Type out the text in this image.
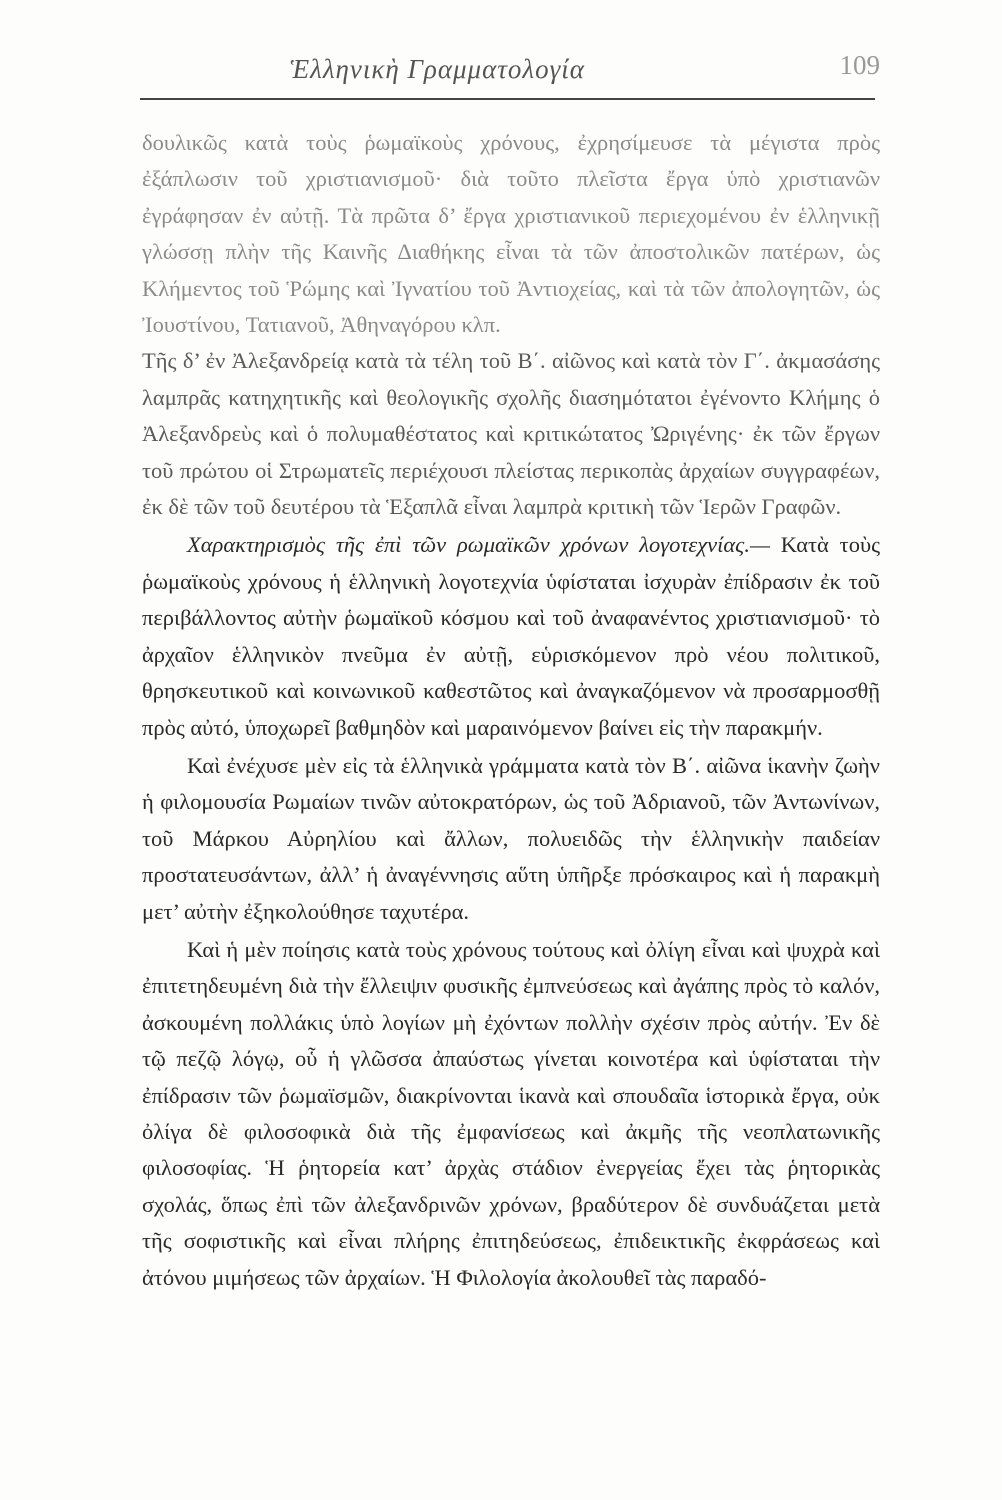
Ἑλληνικὴ Γραμματολογία	109

δουλικῶς κατὰ τοὺς ῥωμαϊκοὺς χρόνους, ἐχρησίμευσε τὰ μέγιστα πρὸς ἐξάπλωσιν τοῦ χριστιανισμοῦ· διὰ τοῦτο πλεῖστα ἔργα ὑπὸ χριστιανῶν ἐγράφησαν ἐν αὐτῇ. Τὰ πρῶτα δ’ ἔργα χριστιανικοῦ περιεχομένου ἐν ἑλληνικῇ γλώσσῃ πλὴν τῆς Καινῆς Διαθήκης εἶναι τὰ τῶν ἀποστολικῶν πατέρων, ὡς Κλήμεντος τοῦ Ῥώμης καὶ Ἰγνατίου τοῦ Ἀντιοχείας, καὶ τὰ τῶν ἀπολογητῶν, ὡς Ἰουστίνου, Τατιανοῦ, Ἀθηναγόρου κλπ.

Τῆς δ’ ἐν Ἀλεξανδρείᾳ κατὰ τὰ τέλη τοῦ Β΄. αἰῶνος καὶ κατὰ τὸν Γ΄. ἀκμασάσης λαμπρᾶς κατηχητικῆς καὶ θεολογικῆς σχολῆς διασημότατοι ἐγένοντο Κλήμης ὁ Ἀλεξανδρεὺς καὶ ὁ πολυμαθέστατος καὶ κριτικώτατος Ὠριγένης· ἐκ τῶν ἔργων τοῦ πρώτου οἱ Στρωματεῖς περιέχουσι πλείστας περικοπὰς ἀρχαίων συγγραφέων, ἐκ δὲ τῶν τοῦ δευτέρου τὰ Ἑξαπλᾶ εἶναι λαμπρὰ κριτικὴ τῶν Ἱερῶν Γραφῶν.

Χαρακτηρισμὸς τῆς ἐπὶ τῶν ρωμαϊκῶν χρόνων λογοτεχνίας.— Κατὰ τοὺς ῥωμαϊκοὺς χρόνους ἡ ἑλληνικὴ λογοτεχνία ὑφίσταται ἰσχυρὰν ἐπίδρασιν ἐκ τοῦ περιβάλλοντος αὐτὴν ῥωμαϊκοῦ κόσμου καὶ τοῦ ἀναφανέντος χριστιανισμοῦ· τὸ ἀρχαῖον ἑλληνικὸν πνεῦμα ἐν αὐτῇ, εὑρισκόμενον πρὸ νέου πολιτικοῦ, θρησκευτικοῦ καὶ κοινωνικοῦ καθεστῶτος καὶ ἀναγκαζόμενον νὰ προσαρμοσθῇ πρὸς αὐτό, ὑποχωρεῖ βαθμηδὸν καὶ μαραινόμενον βαίνει εἰς τὴν παρακμήν.

Καὶ ἐνέχυσε μὲν εἰς τὰ ἑλληνικὰ γράμματα κατὰ τὸν Β΄. αἰῶνα ἱκανὴν ζωὴν ἡ φιλομουσία Ρωμαίων τινῶν αὐτοκρατόρων, ὡς τοῦ Ἀδριανοῦ, τῶν Ἀντωνίνων, τοῦ Μάρκου Αὐρηλίου καὶ ἄλλων, πολυειδῶς τὴν ἑλληνικὴν παιδείαν προστατευσάντων, ἀλλ’ ἡ ἀναγέννησις αὕτη ὑπῆρξε πρόσκαιρος καὶ ἡ παρακμὴ μετ’ αὐτὴν ἐξηκολούθησε ταχυτέρα.

Καὶ ἡ μὲν ποίησις κατὰ τοὺς χρόνους τούτους καὶ ὀλίγη εἶναι καὶ ψυχρὰ καὶ ἐπιτετηδευμένη διὰ τὴν ἔλλειψιν φυσικῆς ἐμπνεύσεως καὶ ἀγάπης πρὸς τὸ καλόν, ἀσκουμένη πολλάκις ὑπὸ λογίων μὴ ἐχόντων πολλὴν σχέσιν πρὸς αὐτήν. Ἐν δὲ τῷ πεζῷ λόγῳ, οὗ ἡ γλῶσσα ἀπαύστως γίνεται κοινοτέρα καὶ ὑφίσταται τὴν ἐπίδρασιν τῶν ῥωμαϊσμῶν, διακρίνονται ἱκανὰ καὶ σπουδαῖα ἱστορικὰ ἔργα, οὐκ ὀλίγα δὲ φιλοσοφικὰ διὰ τῆς ἐμφανίσεως καὶ ἀκμῆς τῆς νεοπλατωνικῆς φιλοσοφίας. Ἡ ῥητορεία κατ’ ἀρχὰς στάδιον ἐνεργείας ἔχει τὰς ῥητορικὰς σχολάς, ὅπως ἐπὶ τῶν ἀλεξανδρινῶν χρόνων, βραδύτερον δὲ συνδυάζεται μετὰ τῆς σοφιστικῆς καὶ εἶναι πλήρης ἐπιτηδεύσεως, ἐπιδεικτικῆς ἐκφράσεως καὶ ἀτόνου μιμήσεως τῶν ἀρχαίων. Ἡ Φιλολογία ἀκολουθεῖ τὰς παραδό-
